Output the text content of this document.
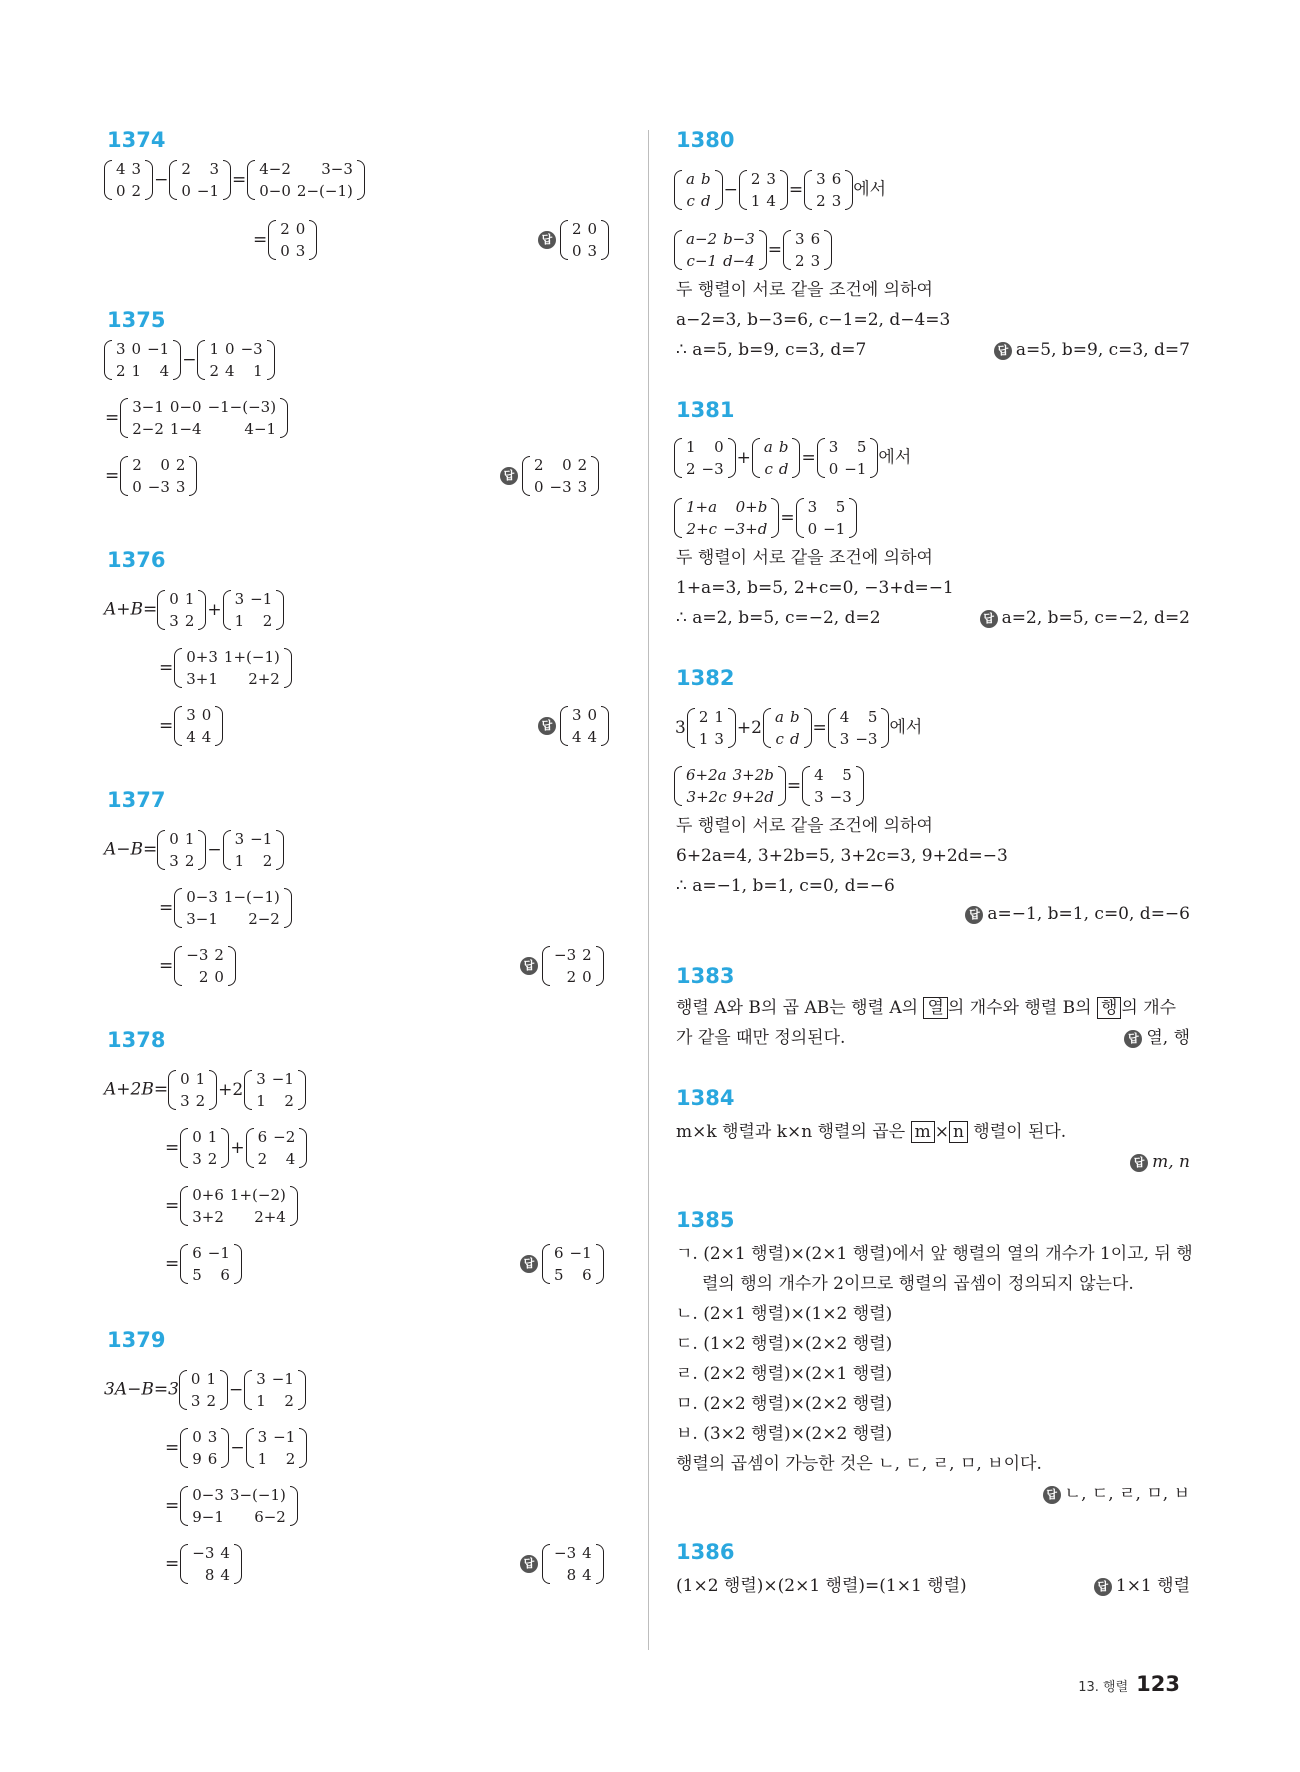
1374
4	3
0	2
−
2	3
0	−1
=
4−2	3−3
0−0	2−(−1)
=
2	0
0	3
답
2	0
0	3
1375
3	0	−1
2	1	4
−
1	0	−3
2	4	1
=
3−1	0−0	−1−(−3)
2−2	1−4	4−1
=
2	0	2
0	−3	3
답
2	0	2
0	−3	3
1376
A+B=
0	1
3	2
+
3	−1
1	2
=
0+3	1+(−1)
3+1	2+2
=
3	0
4	4
답
3	0
4	4
1377
A−B=
0	1
3	2
−
3	−1
1	2
=
0−3	1−(−1)
3−1	2−2
=
−3	2
2	0
답
−3	2
2	0
1378
A+2B=
0	1
3	2
+2
3	−1
1	2
=
0	1
3	2
+
6	−2
2	4
=
0+6	1+(−2)
3+2	2+4
=
6	−1
5	6
답
6	−1
5	6
1379
3A−B=3
0	1
3	2
−
3	−1
1	2
=
0	3
9	6
−
3	−1
1	2
=
0−3	3−(−1)
9−1	6−2
=
−3	4
8	4
답
−3	4
8	4
1380
a	b
c	d
−
2	3
1	4
=
3	6
2	3
에서
a−2	b−3
c−1	d−4
=
3	6
2	3
두 행렬이 서로 같을 조건에 의하여
a−2=3, b−3=6, c−1=2, d−4=3
∴ a=5, b=9, c=3, d=7	답 a=5, b=9, c=3, d=7
1381
1	0
2	−3
+
a	b
c	d
=
3	5
0	−1
에서
1+a	0+b
2+c	−3+d
=
3	5
0	−1
두 행렬이 서로 같을 조건에 의하여
1+a=3, b=5, 2+c=0, −3+d=−1
∴ a=2, b=5, c=−2, d=2	답 a=2, b=5, c=−2, d=2
1382
3
2	1
1	3
+2
a	b
c	d
=
4	5
3	−3
에서
6+2a	3+2b
3+2c	9+2d
=
4	5
3	−3
두 행렬이 서로 같을 조건에 의하여
6+2a=4, 3+2b=5, 3+2c=3, 9+2d=−3
∴ a=−1, b=1, c=0, d=−6
답 a=−1, b=1, c=0, d=−6
1383
행렬 A와 B의 곱 AB는 행렬 A의 열 의 개수와 행렬 B의 행 의 개수
가 같을 때만 정의된다.	답 열, 행
1384
m×k 행렬과 k×n 행렬의 곱은 m × n 행렬이 된다.
답 m, n
1385
ㄱ. (2×1 행렬)×(2×1 행렬)에서 앞 행렬의 열의 개수가 1이고, 뒤 행
렬의 행의 개수가 2이므로 행렬의 곱셈이 정의되지 않는다.
ㄴ. (2×1 행렬)×(1×2 행렬)
ㄷ. (1×2 행렬)×(2×2 행렬)
ㄹ. (2×2 행렬)×(2×1 행렬)
ㅁ. (2×2 행렬)×(2×2 행렬)
ㅂ. (3×2 행렬)×(2×2 행렬)
행렬의 곱셈이 가능한 것은 ㄴ, ㄷ, ㄹ, ㅁ, ㅂ이다.
답 ㄴ, ㄷ, ㄹ, ㅁ, ㅂ
1386
(1×2 행렬)×(2×1 행렬)=(1×1 행렬)	답 1×1 행렬
13. 행렬 123
